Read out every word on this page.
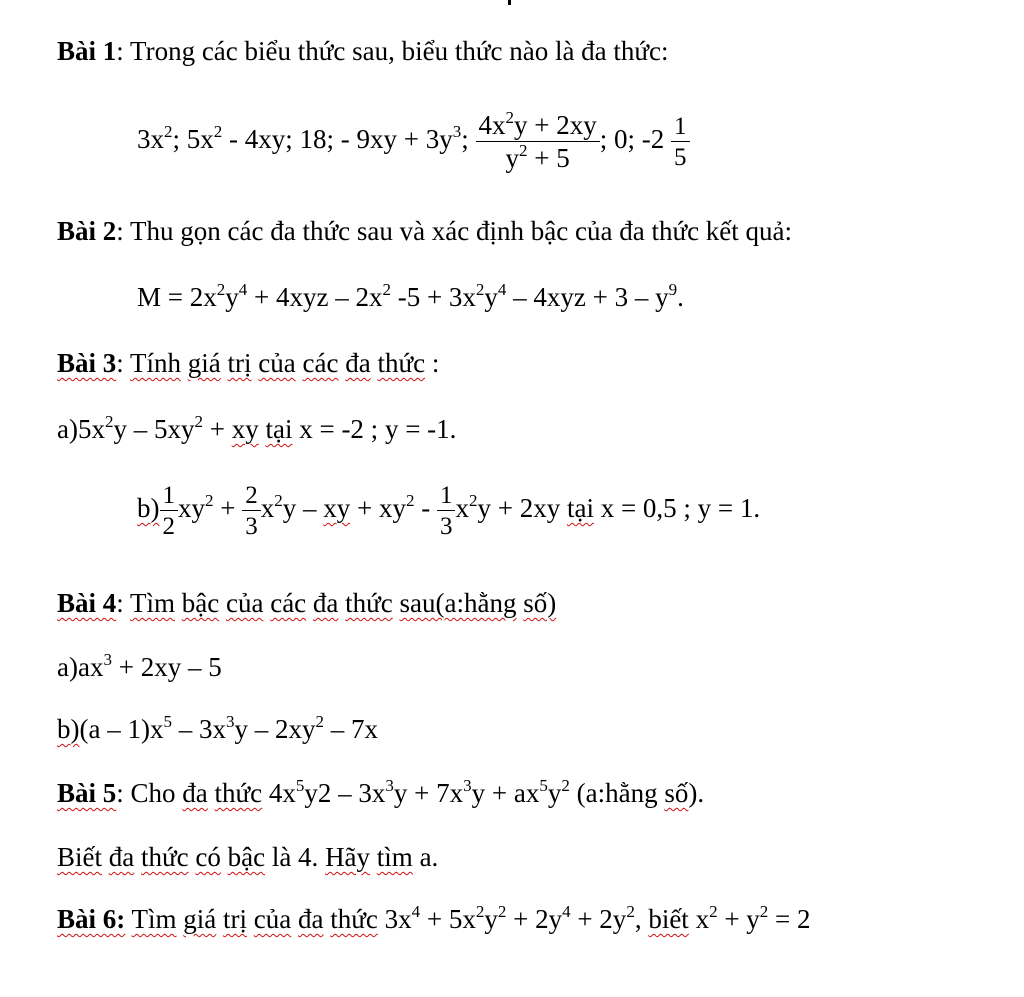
Bài 1: Trong các biểu thức sau, biểu thức nào là đa thức:
$3x^2$; $5x^2 - 4xy$; 18; - $9xy + 3y^3$; $\frac{4x^2y + 2xy}{y^2 + 5}$ ; 0; $-2 \frac{1}{5}$
Bài 2: Thu gọn các đa thức sau và xác định bậc của đa thức kết quả:
$M = 2x^2y^4 + 4xyz - 2x^2$ $-5 + 3x^2y^4 - 4xyz + 3 - y^9$.
Bài 3: Tính giá trị của các đa thức :
$a)5x^2y - 5xy^2$ + xy tại x = -2 ; y = -1.
$b) \frac{1}{2} xy^2 + \frac{2}{3} x^2y$ – xy + $xy^2 - \frac{1}{3} x^2y + 2xy$ tại x = 0,5 ; y = 1.
Bài 4: Tìm bậc của các đa thức sau(a:hằng số)
$a)ax^3 + 2xy - 5$
$b)(a - 1)x^5 - 3x^3y - 2xy^2 - 7x$
Bài 5: Cho đa thức $4x^5y2 - 3x^3y + 7x^3y + ax^5y^2$ (a:hằng số).
Biết đa thức có bậc là 4. Hãy tìm a.
Bài 6: Tìm giá trị của đa thức $3x^4 + 5x^2y^2 + 2y^4 + 2y^2$, biết $x^2 + y^2 = 2$
